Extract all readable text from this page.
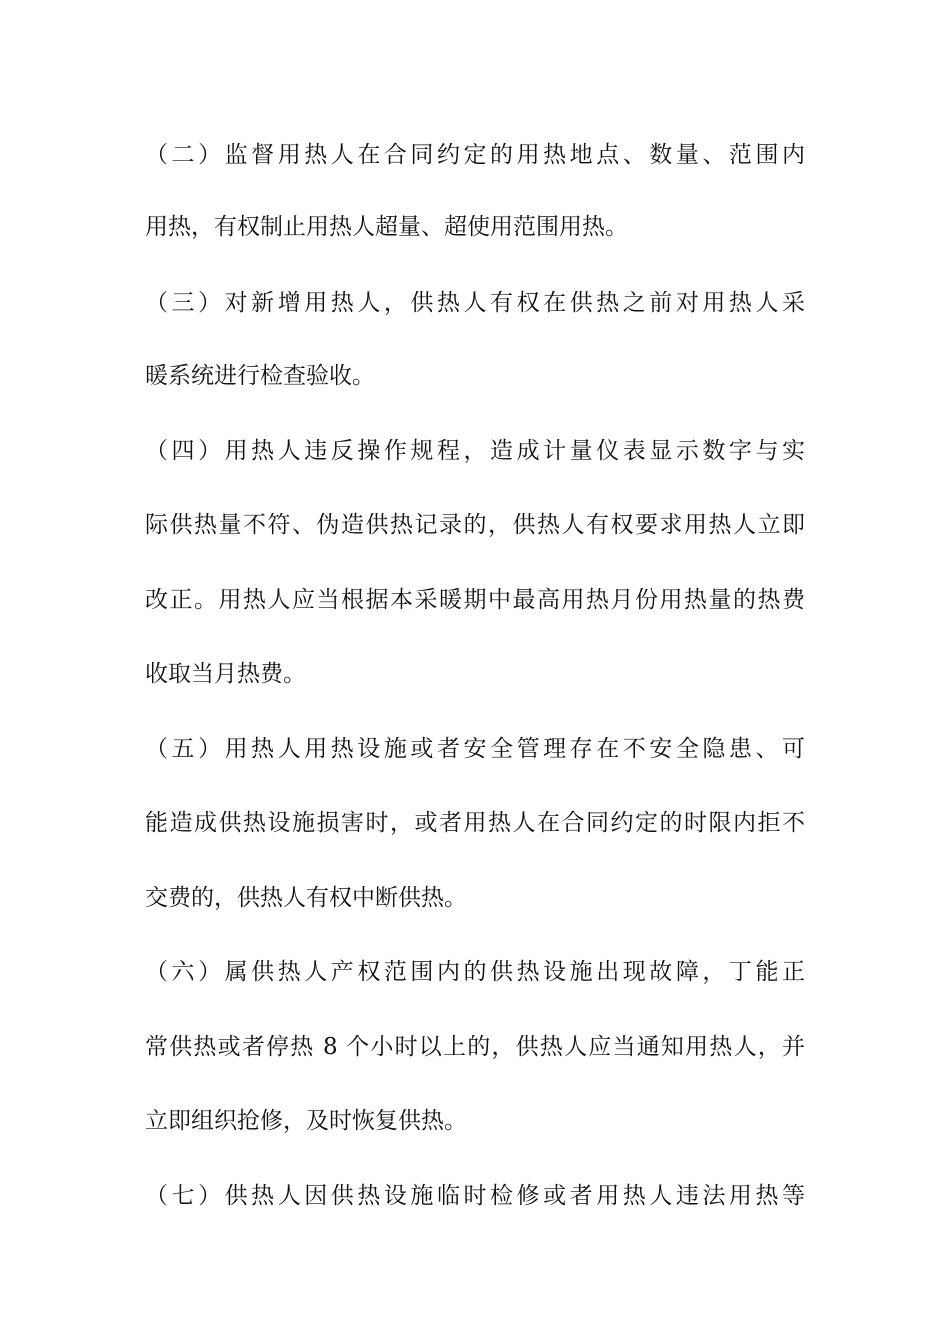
（二）监督用热人在合同约定的用热地点、数量、范围内
用热，有权制止用热人超量、超使用范围用热。
（三）对新增用热人，供热人有权在供热之前对用热人采
暖系统进行检查验收。
（四）用热人违反操作规程，造成计量仪表显示数字与实
际供热量不符、伪造供热记录的，供热人有权要求用热人立即
改正。用热人应当根据本采暖期中最高用热月份用热量的热费
收取当月热费。
（五）用热人用热设施或者安全管理存在不安全隐患、可
能造成供热设施损害时，或者用热人在合同约定的时限内拒不
交费的，供热人有权中断供热。
（六）属供热人产权范围内的供热设施出现故障，丁能正
常供热或者停热 8 个小时以上的，供热人应当通知用热人，并
立即组织抢修，及时恢复供热。
（七）供热人因供热设施临时检修或者用热人违法用热等
